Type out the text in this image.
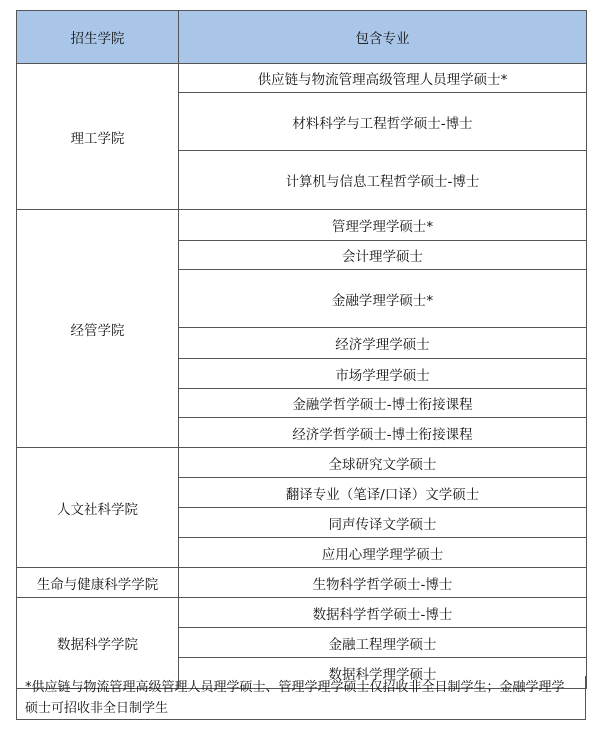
招生学院	包含专业
理工学院	供应链与物流管理高级管理人员理学硕士*
	材料科学与工程哲学硕士-博士
	计算机与信息工程哲学硕士-博士
经管学院	管理学理学硕士*
	会计理学硕士
	金融学理学硕士*
	经济学理学硕士
	市场学理学硕士
	金融学哲学硕士-博士衔接课程
	经济学哲学硕士-博士衔接课程
人文社科学院	全球研究文学硕士
	翻译专业（笔译/口译）文学硕士
	同声传译文学硕士
	应用心理学理学硕士
生命与健康科学学院	生物科学哲学硕士-博士
数据科学学院	数据科学哲学硕士-博士
	金融工程理学硕士
	数据科学理学硕士
*供应链与物流管理高级管理人员理学硕士、管理学理学硕士仅招收非全日制学生；金融学理学硕士可招收非全日制学生
